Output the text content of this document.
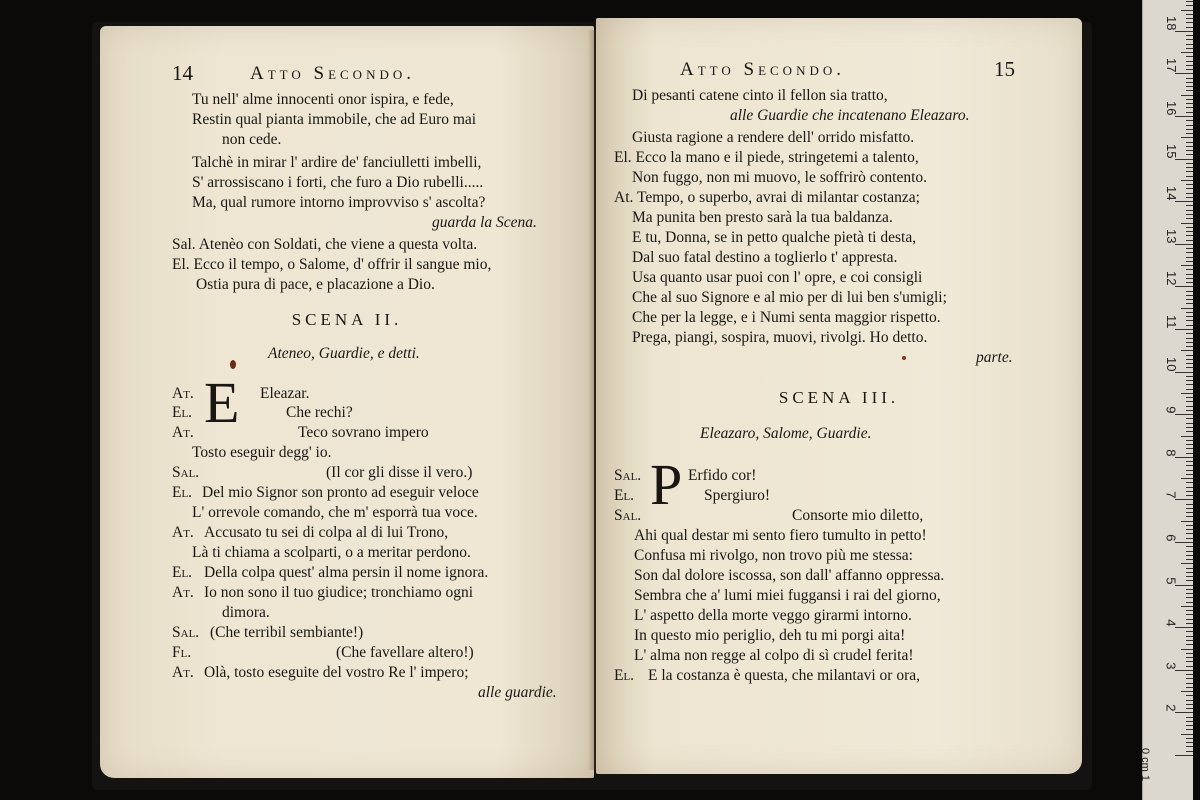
14	Atto Secondo.
Tu nell' alme innocenti onor ispira, e fede,
Restin qual pianta immobile, che ad Euro mai
non cede.
Talchè in mirar l' ardire de' fanciulletti imbelli,
S' arrossiscano i forti, che furo a Dio rubelli.....
Ma, qual rumore intorno improvviso s' ascolta?
guarda la Scena.
Sal. Atenèo con Soldati, che viene a questa volta.
El. Ecco il tempo, o Salome, d' offrir il sangue mio,
Ostia pura di pace, e placazione a Dio.
SCENA II.
Ateneo, Guardie, e detti.
E
At.	Eleazar.
El.	Che rechi?
At.	Teco sovrano impero
Tosto eseguir degg' io.
Sal.	(Il cor gli disse il vero.)
El. Del mio Signor son pronto ad eseguir veloce
L' orrevole comando, che m' esporrà tua voce.
At. Accusato tu sei di colpa al di lui Trono,
Là ti chiama a scolparti, o a meritar perdono.
El. Della colpa quest' alma persin il nome ignora.
At. Io non sono il tuo giudice; tronchiamo ogni
dimora.
Sal. (Che terribil sembiante!)
Fl.	(Che favellare altero!)
At. Olà, tosto eseguite del vostro Re l' impero;
alle guardie.
Atto Secondo.	15
Di pesanti catene cinto il fellon sia tratto,
alle Guardie che incatenano Eleazaro.
Giusta ragione a rendere dell' orrido misfatto.
El. Ecco la mano e il piede, stringetemi a talento,
Non fuggo, non mi muovo, le soffrirò contento.
At. Tempo, o superbo, avrai di milantar costanza;
Ma punita ben presto sarà la tua baldanza.
E tu, Donna, se in petto qualche pietà ti desta,
Dal suo fatal destino a toglierlo t' appresta.
Usa quanto usar puoi con l' opre, e coi consigli
Che al suo Signore e al mio per di lui ben s'umigli;
Che per la legge, e i Numi senta maggior rispetto.
Prega, piangi, sospira, muovi, rivolgi. Ho detto.
parte.
SCENA III.
Eleazaro, Salome, Guardie.
P
Sal.	Erfido cor!
El.	Spergiuro!
Sal.	Consorte mio diletto,
Ahi qual destar mi sento fiero tumulto in petto!
Confusa mi rivolgo, non trovo più me stessa:
Son dal dolore iscossa, son dall' affanno oppressa.
Sembra che a' lumi miei fuggansi i rai del giorno,
L' aspetto della morte veggo girarmi intorno.
In questo mio periglio, deh tu mi porgi aita!
L' alma non regge al colpo di sì crudel ferita!
El. E la costanza è questa, che milantavi or ora,
0 cm 1
2
3
4
5
6
7
8
9
10
11
12
13
14
15
16
17
18
